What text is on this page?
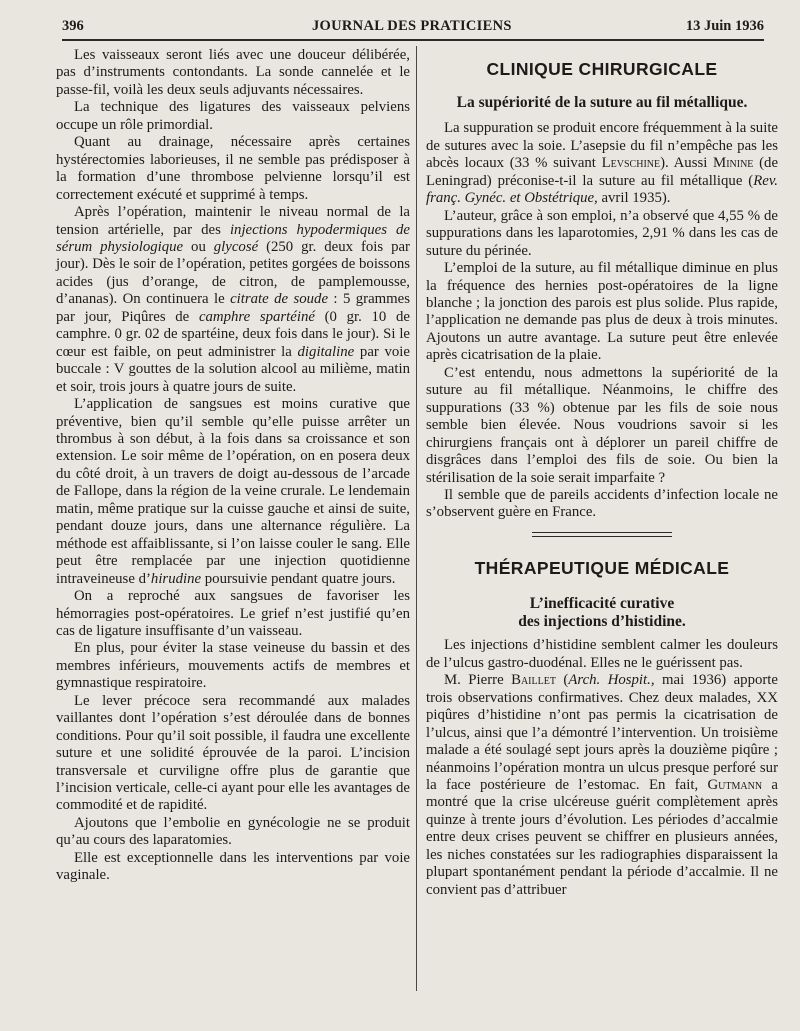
396	JOURNAL DES PRATICIENS	13 Juin 1936

Les vaisseaux seront liés avec une douceur délibérée, pas d’instruments contondants. La sonde cannelée et le passe-fil, voilà les deux seuls adjuvants nécessaires.

La technique des ligatures des vaisseaux pelviens occupe un rôle primordial.

Quant au drainage, nécessaire après certaines hystérectomies laborieuses, il ne semble pas prédisposer à la formation d’une thrombose pelvienne lorsqu’il est correctement exécuté et supprimé à temps.

Après l’opération, maintenir le niveau normal de la tension artérielle, par des injections hypodermiques de sérum physiologique ou glycosé (250 gr. deux fois par jour). Dès le soir de l’opération, petites gorgées de boissons acides (jus d’orange, de citron, de pamplemousse, d’ananas). On continuera le citrate de soude : 5 grammes par jour, Piqûres de camphre spartéiné (0 gr. 10 de camphre. 0 gr. 02 de spartéine, deux fois dans le jour). Si le cœur est faible, on peut administrer la digitaline par voie buccale : V gouttes de la solution alcool au milième, matin et soir, trois jours à quatre jours de suite.

L’application de sangsues est moins curative que préventive, bien qu’il semble qu’elle puisse arrêter un thrombus à son début, à la fois dans sa croissance et son extension. Le soir même de l’opération, on en posera deux du côté droit, à un travers de doigt au-dessous de l’arcade de Fallope, dans la région de la veine crurale. Le lendemain matin, même pratique sur la cuisse gauche et ainsi de suite, pendant douze jours, dans une alternance régulière. La méthode est affaiblissante, si l’on laisse couler le sang. Elle peut être remplacée par une injection quotidienne intraveineuse d’hirudine poursuivie pendant quatre jours.

On a reproché aux sangsues de favoriser les hémorragies post-opératoires. Le grief n’est justifié qu’en cas de ligature insuffisante d’un vaisseau.

En plus, pour éviter la stase veineuse du bassin et des membres inférieurs, mouvements actifs de membres et gymnastique respiratoire.

Le lever précoce sera recommandé aux malades vaillantes dont l’opération s’est déroulée dans de bonnes conditions. Pour qu’il soit possible, il faudra une excellente suture et une solidité éprouvée de la paroi. L’incision transversale et curviligne offre plus de garantie que l’incision verticale, celle-ci ayant pour elle les avantages de commodité et de rapidité.

Ajoutons que l’embolie en gynécologie ne se produit qu’au cours des laparatomies.

Elle est exceptionnelle dans les interventions par voie vaginale.

CLINIQUE CHIRURGICALE

La supériorité de la suture au fil métallique.

La suppuration se produit encore fréquemment à la suite de sutures avec la soie. L’asepsie du fil n’empêche pas les abcès locaux (33 % suivant Levschine). Aussi Minine (de Leningrad) préconise-t-il la suture au fil métallique (Rev. franç. Gynéc. et Obstétrique, avril 1935).

L’auteur, grâce à son emploi, n’a observé que 4,55 % de suppurations dans les laparotomies, 2,91 % dans les cas de suture du périnée.

L’emploi de la suture, au fil métallique diminue en plus la fréquence des hernies post-opératoires de la ligne blanche ; la jonction des parois est plus solide. Plus rapide, l’application ne demande pas plus de deux à trois minutes. Ajoutons un autre avantage. La suture peut être enlevée après cicatrisation de la plaie.

C’est entendu, nous admettons la supériorité de la suture au fil métallique. Néanmoins, le chiffre des suppurations (33 %) obtenue par les fils de soie nous semble bien élevée. Nous voudrions savoir si les chirurgiens français ont à déplorer un pareil chiffre de disgrâces dans l’emploi des fils de soie. Ou bien la stérilisation de la soie serait imparfaite ?

Il semble que de pareils accidents d’infection locale ne s’observent guère en France.

THÉRAPEUTIQUE MÉDICALE

L’inefficacité curative
des injections d’histidine.

Les injections d’histidine semblent calmer les douleurs de l’ulcus gastro-duodénal. Elles ne le guérissent pas.

M. Pierre Baillet (Arch. Hospit., mai 1936) apporte trois observations confirmatives. Chez deux malades, XX piqûres d’histidine n’ont pas permis la cicatrisation de l’ulcus, ainsi que l’a démontré l’intervention. Un troisième malade a été soulagé sept jours après la douzième piqûre ; néanmoins l’opération montra un ulcus presque perforé sur la face postérieure de l’estomac. En fait, Gutmann a montré que la crise ulcéreuse guérit complètement après quinze à trente jours d’évolution. Les périodes d’accalmie entre deux crises peuvent se chiffrer en plusieurs années, les niches constatées sur les radiographies disparaissent la plupart spontanément pendant la période d’accalmie. Il ne convient pas d’attribuer
